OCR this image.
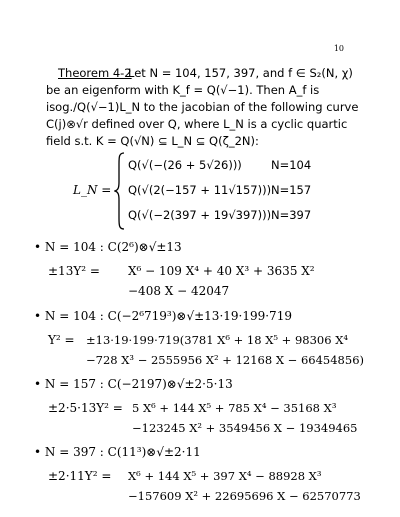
10
Theorem 4-2
Let N = 104, 157, 397, and f ∈ S₂(N, χ)
be an eigenform with K_f = Q(√−1). Then A_f is
isog./Q(√−1)L_N to the jacobian of the following curve
C(j)⊗√r defined over Q, where L_N is a cyclic quartic
field s.t. K = Q(√N) ⊆ L_N ⊆ Q(ζ_2N):
L_N =
Q(√(−(26 + 5√26)))	N=104
Q(√(2(−157 + 11√157))) N=157
Q(√(−2(397 + 19√397))) N=397
• N = 104 : C(2⁶)⊗√±13
±13Y² = X⁶ − 109 X⁴ + 40 X³ + 3635 X²
−408 X − 42047
• N = 104 : C(−2⁶719³)⊗√±13·19·199·719
Y² = ±13·19·199·719(3781 X⁶ + 18 X⁵ + 98306 X⁴
−728 X³ − 2555956 X² + 12168 X − 66454856)
• N = 157 : C(−2197)⊗√±2·5·13
±2·5·13Y² = 5 X⁶ + 144 X⁵ + 785 X⁴ − 35168 X³
−123245 X² + 3549456 X − 19349465
• N = 397 : C(11³)⊗√±2·11
±2·11Y² = X⁶ + 144 X⁵ + 397 X⁴ − 88928 X³
−157609 X² + 22695696 X − 62570773
